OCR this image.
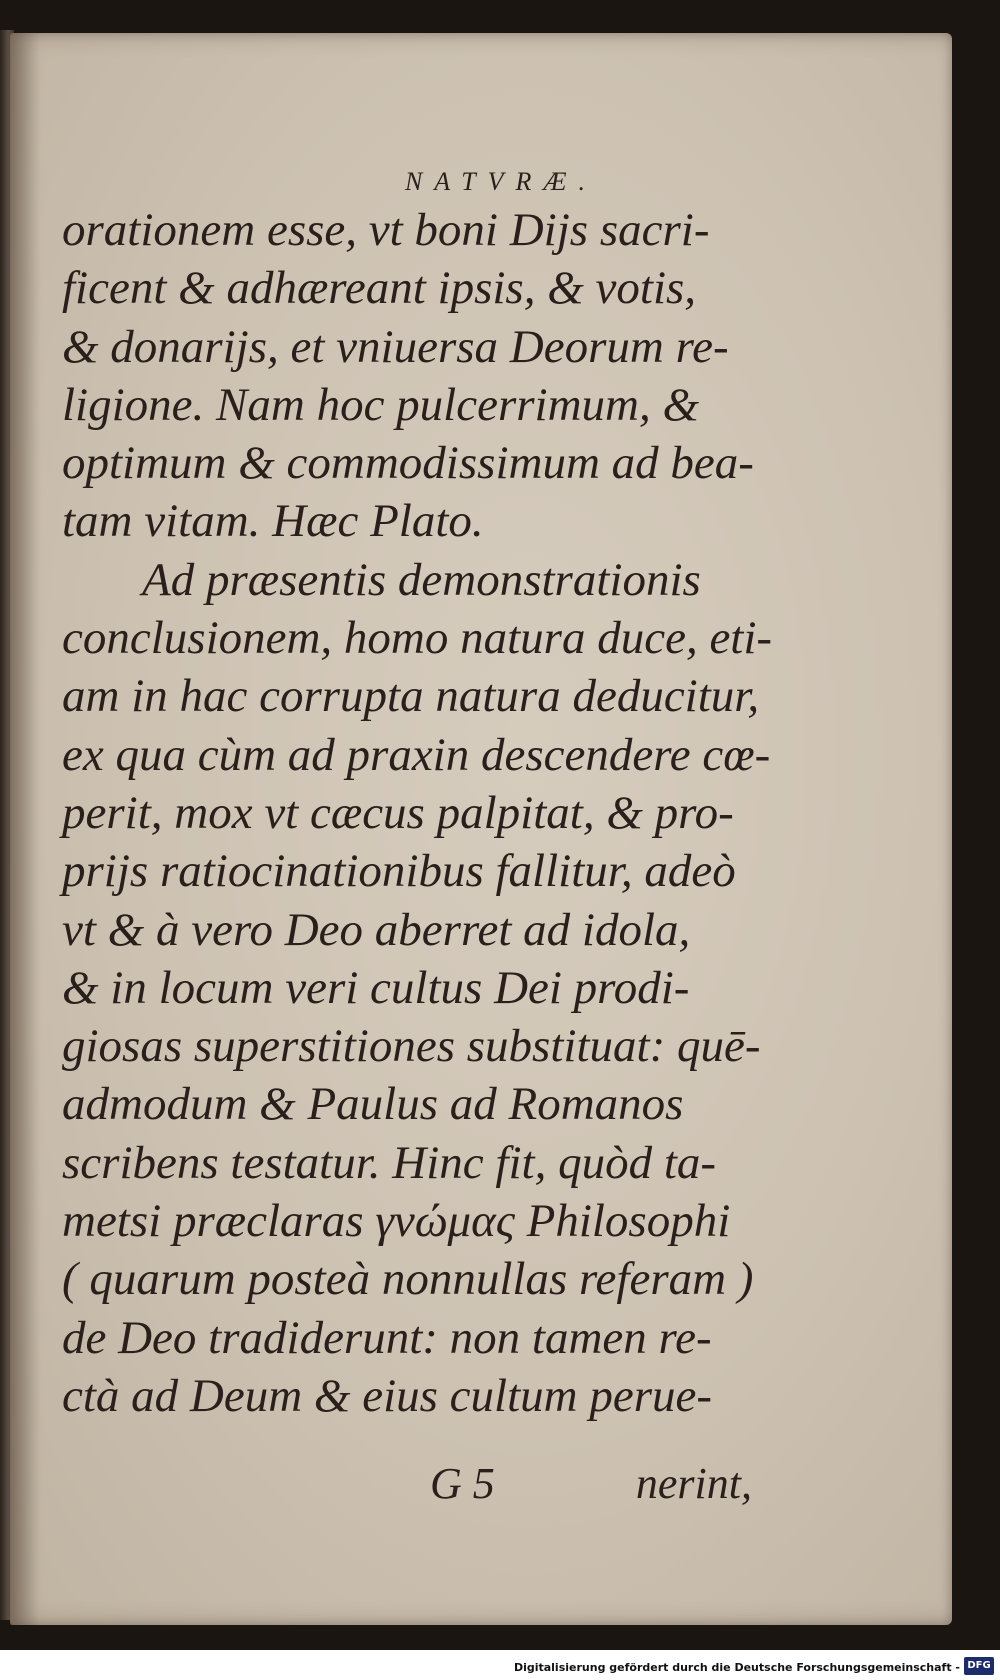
NATVRÆ.
orationem esse, vt boni Dijs sacri-
ficent & adhæreant ipsis, & votis,
& donarijs, et vniuersa Deorum re-
ligione. Nam hoc pulcerrimum, &
optimum & commodissimum ad bea-
tam vitam. Hæc Plato.
Ad præsentis demonstrationis
conclusionem, homo natura duce, eti-
am in hac corrupta natura deducitur,
ex qua cùm ad praxin descendere cœ-
perit, mox vt cæcus palpitat, & pro-
prijs ratiocinationibus fallitur, adeò
vt & à vero Deo aberret ad idola,
& in locum veri cultus Dei prodi-
giosas superstitiones substituat: quē-
admodum & Paulus ad Romanos
scribens testatur. Hinc fit, quòd ta-
metsi præclaras γνώμας Philosophi
( quarum posteà nonnullas referam )
de Deo tradiderunt: non tamen re-
ctà ad Deum & eius cultum perue-
G 5	nerint,
Digitalisierung gefördert durch die Deutsche Forschungsgemeinschaft - DFG
